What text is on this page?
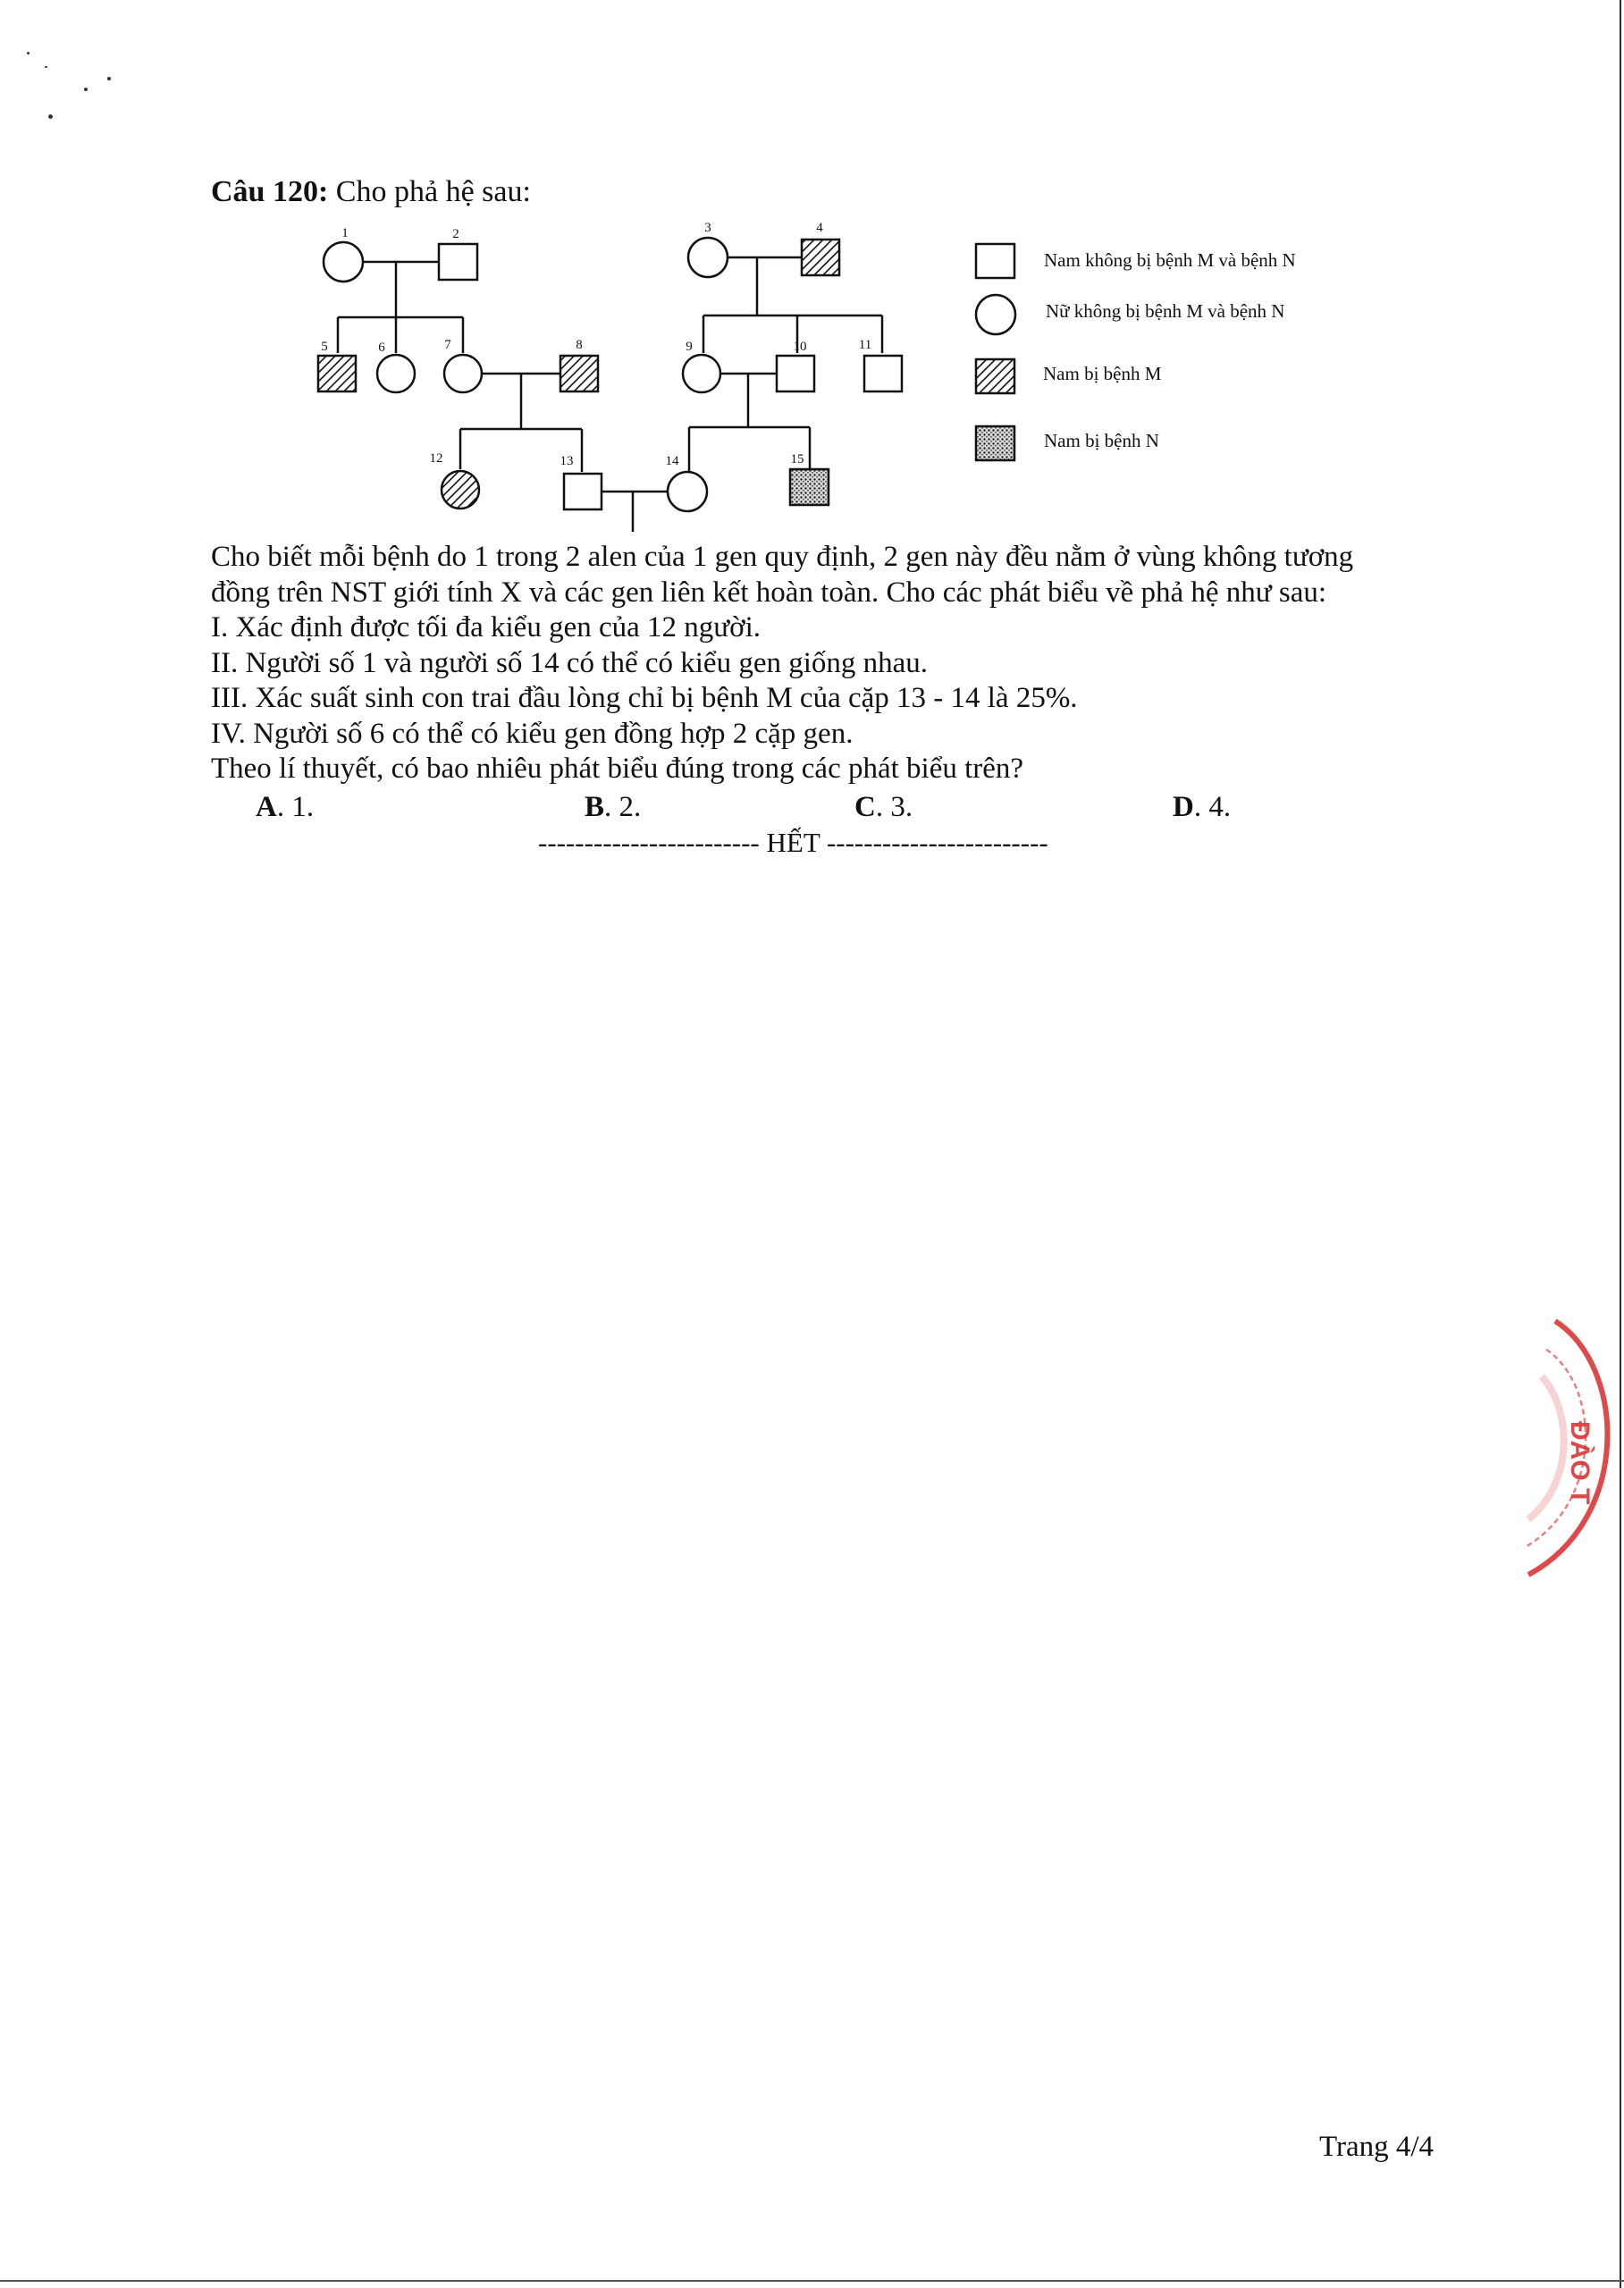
Câu 120: Cho phả hệ sau:
1	2	3	4
5	6	7	8	9	10	11
12	13	14	15
Nam không bị bệnh M và bệnh N
Nữ không bị bệnh M và bệnh N
Nam bị bệnh M
Nam bị bệnh N
Cho biết mỗi bệnh do 1 trong 2 alen của 1 gen quy định, 2 gen này đều nằm ở vùng không tương
đồng trên NST giới tính X và các gen liên kết hoàn toàn. Cho các phát biểu về phả hệ như sau:
I. Xác định được tối đa kiểu gen của 12 người.
II. Người số 1 và người số 14 có thể có kiểu gen giống nhau.
III. Xác suất sinh con trai đầu lòng chỉ bị bệnh M của cặp 13 - 14 là 25%.
IV. Người số 6 có thể có kiểu gen đồng hợp 2 cặp gen.
Theo lí thuyết, có bao nhiêu phát biểu đúng trong các phát biểu trên?
A. 1.	B. 2.	C. 3.	D. 4.
------------------------ HẾT ------------------------
ĐÀO T
Trang 4/4
